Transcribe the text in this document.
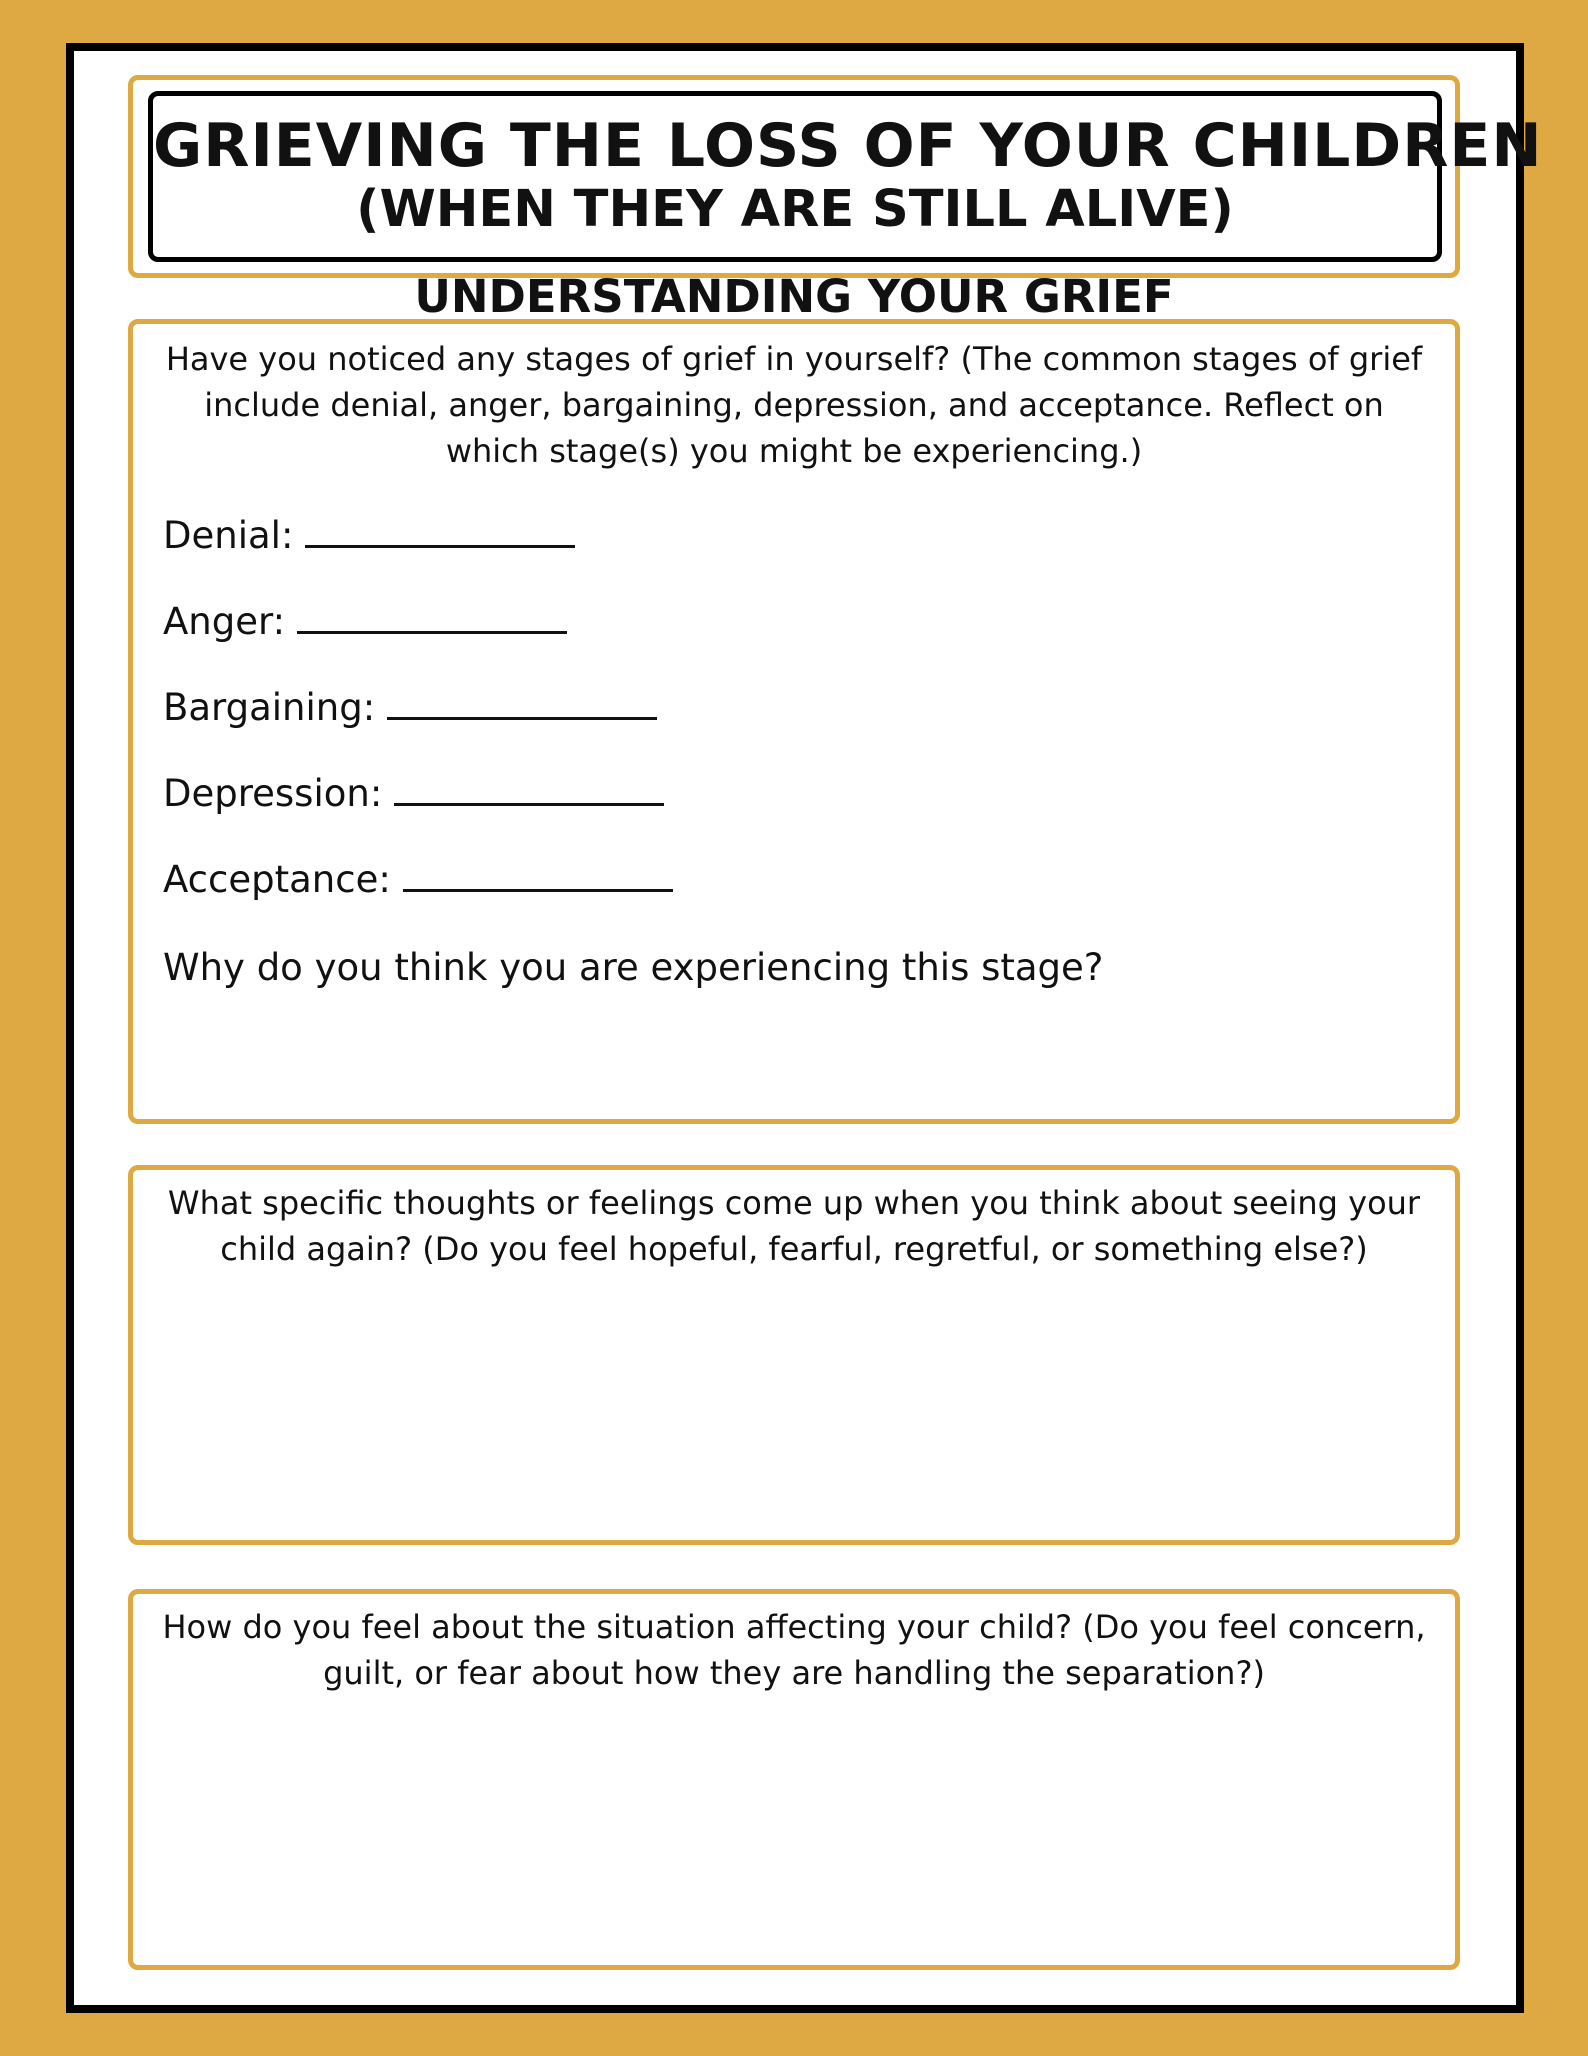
GRIEVING THE LOSS OF YOUR CHILDREN
(WHEN THEY ARE STILL ALIVE)
UNDERSTANDING YOUR GRIEF
Have you noticed any stages of grief in yourself? (The common stages of grief include denial, anger, bargaining, depression, and acceptance. Reflect on which stage(s) you might be experiencing.)
Denial:
Anger:
Bargaining:
Depression:
Acceptance:
Why do you think you are experiencing this stage?
What specific thoughts or feelings come up when you think about seeing your child again? (Do you feel hopeful, fearful, regretful, or something else?)
How do you feel about the situation affecting your child? (Do you feel concern, guilt, or fear about how they are handling the separation?)
